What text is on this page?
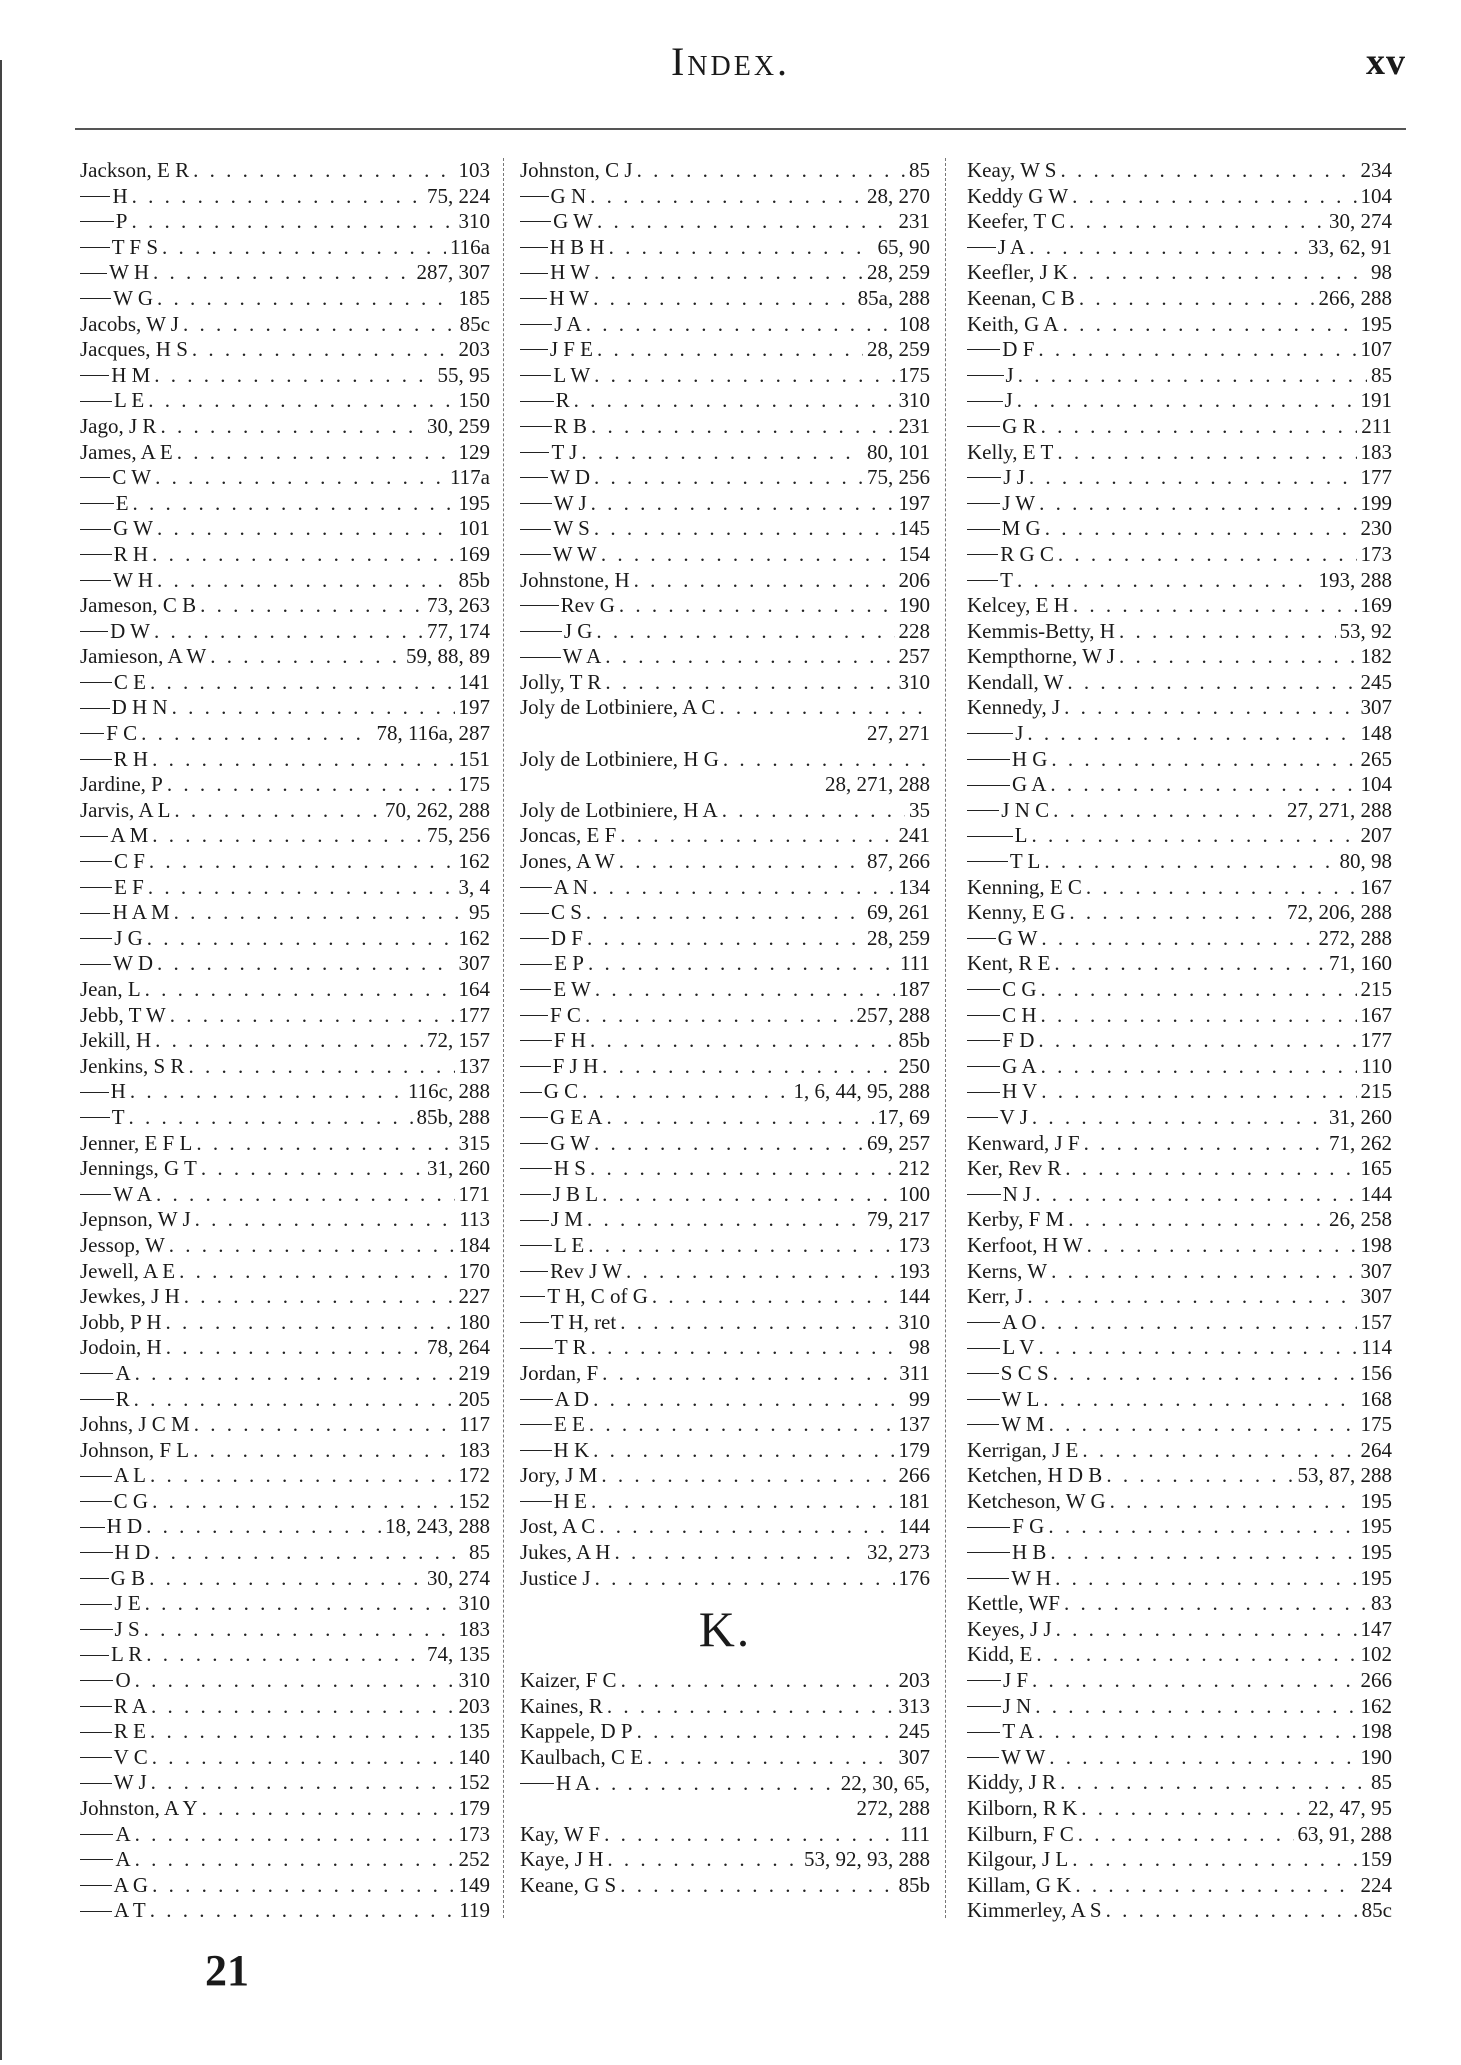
Index.	xv
Jackson, E R . . .	103
H . . .	75, 224
P . . .	310
T F S . . .	116a
W H . . .	287, 307
W G . . .	185
Jacobs, W J . . .	85c
Jacques, H S . . .	203
H M . . .	55, 95
L E . . .	150
Jago, J R . . .	30, 259
James, A E . . .	129
C W . . .	117a
E . . .	195
G W . . .	101
R H . . .	169
W H . . .	85b
Jameson, C B . . .	73, 263
D W . . .	77, 174
Jamieson, A W . . .	59, 88, 89
C E . . .	141
D H N . . .	197
F C . . .	78, 116a, 287
R H . . .	151
Jardine, P . . .	175
Jarvis, A L . . .	70, 262, 288
A M . . .	75, 256
C F . . .	162
E F . . .	3, 4
H A M . . .	95
J G . . .	162
W D . . .	307
Jean, L . . .	164
Jebb, T W . . .	177
Jekill, H . . .	72, 157
Jenkins, S R . . .	137
H . . .	116c, 288
T . . .	85b, 288
Jenner, E F L . . .	315
Jennings, G T . . .	31, 260
W A . . .	171
Jepnson, W J . . .	113
Jessop, W . . .	184
Jewell, A E . . .	170
Jewkes, J H . . .	227
Jobb, P H . . .	180
Jodoin, H . . .	78, 264
A . . .	219
R . . .	205
Johns, J C M . . .	117
Johnson, F L . . .	183
A L . . .	172
C G . . .	152
H D . . .	18, 243, 288
H D . . .	85
G B . . .	30, 274
J E . . .	310
J S . . .	183
L R . . .	74, 135
O . . .	310
R A . . .	203
R E . . .	135
V C . . .	140
W J . . .	152
Johnston, A Y . . .	179
A . . .	173
A . . .	252
A G . . .	149
A T . . .	119
Johnston, C J . . .	85
G N . . .	28, 270
G W . . .	231
H B H . . .	65, 90
H W . . .	28, 259
H W . . .	85a, 288
J A . . .	108
J F E . . .	28, 259
L W . . .	175
R . . .	310
R B . . .	231
T J . . .	80, 101
W D . . .	75, 256
W J . . .	197
W S . . .	145
W W . . .	154
Johnstone, H . . .	206
Rev G . . .	190
J G . . .	228
W A . . .	257
Jolly, T R . . .	310
Joly de Lotbiniere, A C
. . .
27, 271
Joly de Lotbiniere, H G
. . .
28, 271, 288
Joly de Lotbiniere, H A . . .	35
Joncas, E F . . .	241
Jones, A W . . .	87, 266
A N . . .	134
C S . . .	69, 261
D F . . .	28, 259
E P . . .	111
E W . . .	187
F C . . .	257, 288
F H . . .	85b
F J H . . .	250
G C . . .	1, 6, 44, 95, 288
G E A . . .	17, 69
G W . . .	69, 257
H S . . .	212
J B L . . .	100
J M . . .	79, 217
L E . . .	173
Rev J W . . .	193
T H, C of G . . .	144
T H, ret . . .	310
T R . . .	98
Jordan, F . . .	311
A D . . .	99
E E . . .	137
H K . . .	179
Jory, J M . . .	266
H E . . .	181
Jost, A C . . .	144
Jukes, A H . . .	32, 273
Justice J . . .	176
K.
Kaizer, F C . . .	203
Kaines, R . . .	313
Kappele, D P . . .	245
Kaulbach, C E . . .	307
H A . . .	22, 30, 65,
272, 288
Kay, W F . . .	111
Kaye, J H . . .	53, 92, 93, 288
Keane, G S . . .	85b
Keay, W S . . .	234
Keddy G W . . .	104
Keefer, T C . . .	30, 274
J A . . .	33, 62, 91
Keefler, J K . . .	98
Keenan, C B . . .	266, 288
Keith, G A . . .	195
D F . . .	107
J . . .	85
J . . .	191
G R . . .	211
Kelly, E T . . .	183
J J . . .	177
J W . . .	199
M G . . .	230
R G C . . .	173
T . . .	193, 288
Kelcey, E H . . .	169
Kemmis-Betty, H . . .	53, 92
Kempthorne, W J . . .	182
Kendall, W . . .	245
Kennedy, J . . .	307
J . . .	148
H G . . .	265
G A . . .	104
J N C . . .	27, 271, 288
L . . .	207
T L . . .	80, 98
Kenning, E C . . .	167
Kenny, E G . . .	72, 206, 288
G W . . .	272, 288
Kent, R E . . .	71, 160
C G . . .	215
C H . . .	167
F D . . .	177
G A . . .	110
H V . . .	215
V J . . .	31, 260
Kenward, J F . . .	71, 262
Ker, Rev R . . .	165
N J . . .	144
Kerby, F M . . .	26, 258
Kerfoot, H W . . .	198
Kerns, W . . .	307
Kerr, J . . .	307
A O . . .	157
L V . . .	114
S C S . . .	156
W L . . .	168
W M . . .	175
Kerrigan, J E . . .	264
Ketchen, H D B . . .	53, 87, 288
Ketcheson, W G . . .	195
F G . . .	195
H B . . .	195
W H . . .	195
Kettle, WF . . .	83
Keyes, J J . . .	147
Kidd, E . . .	102
J F . . .	266
J N . . .	162
T A . . .	198
W W . . .	190
Kiddy, J R . . .	85
Kilborn, R K . . .	22, 47, 95
Kilburn, F C . . .	63, 91, 288
Kilgour, J L . . .	159
Killam, G K . . .	224
Kimmerley, A S . . .	85c
21
